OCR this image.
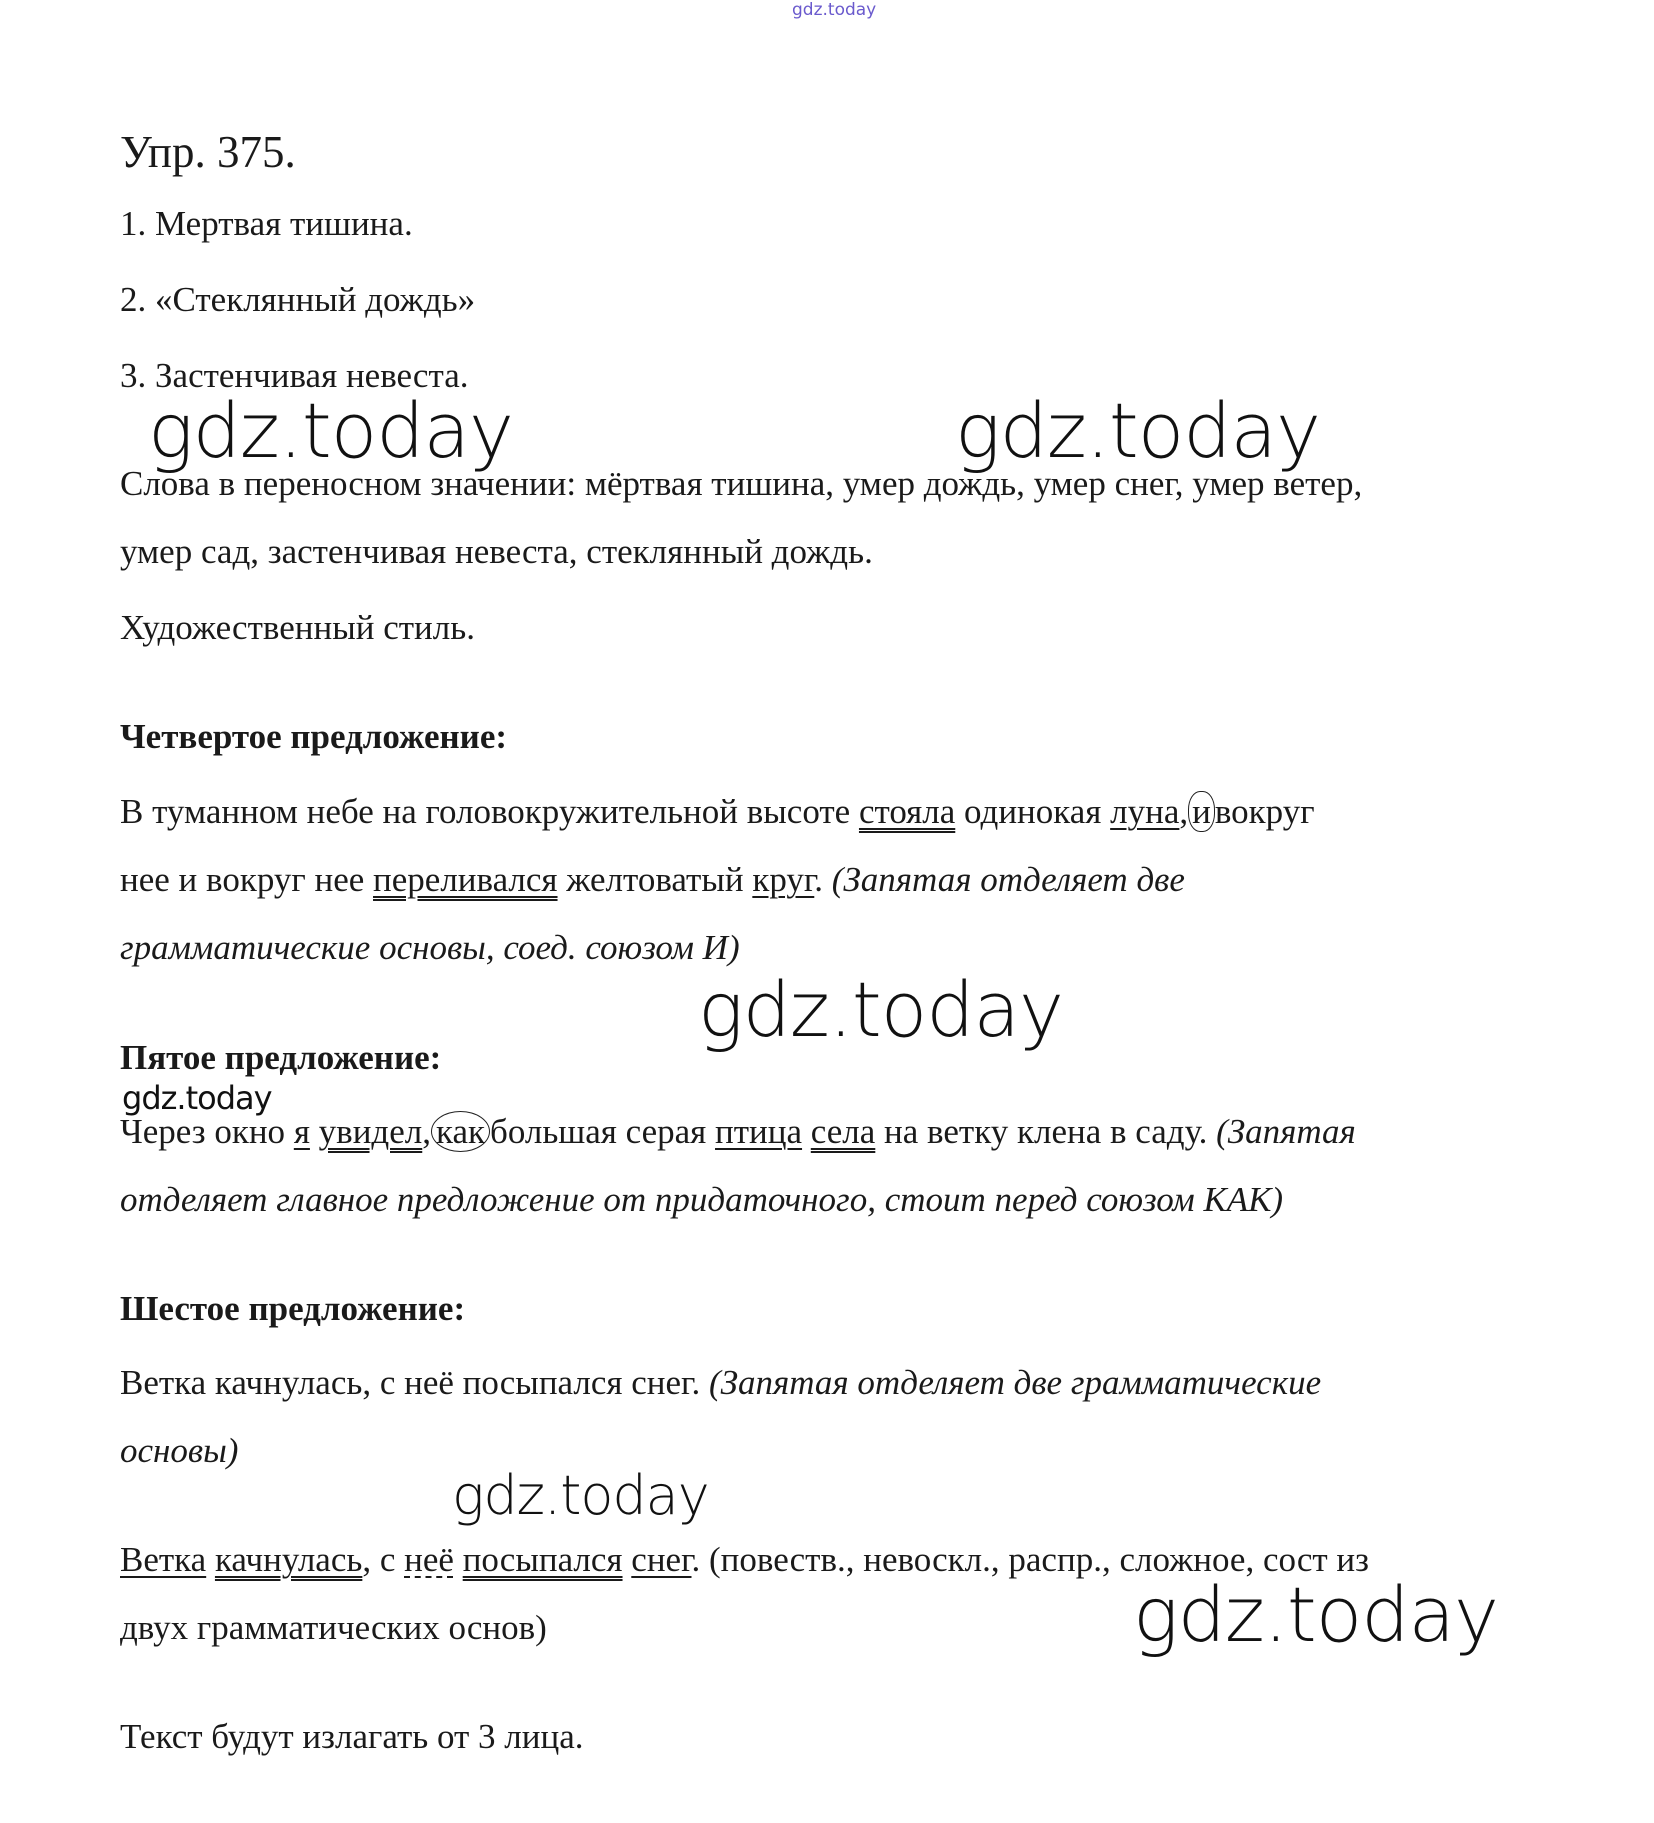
gdz.today
Упр. 375.
1. Мертвая тишина.
2. «Стеклянный дождь»
3. Застенчивая невеста.
Слова в переносном значении: мёртвая тишина, умер дождь, умер снег, умер ветер,
умер сад, застенчивая невеста, стеклянный дождь.
Художественный стиль.
Четвертое предложение:
В туманном небе на головокружительной высоте стояла одинокая луна, и вокруг
нее и вокруг нее переливался желтоватый круг. (Запятая отделяет две
грамматические основы, соед. союзом И)
Пятое предложение:
Через окно я увидел, как большая серая птица села на ветку клена в саду. (Запятая
отделяет главное предложение от придаточного, стоит перед союзом КАК)
Шестое предложение:
Ветка качнулась, с неё посыпался снег. (Запятая отделяет две грамматические
основы)
Ветка качнулась, с неё посыпался снег. (повеств., невоскл., распр., сложное, сост из
двух грамматических основ)
Текст будут излагать от 3 лица.
gdz.today	gdz.today
gdz.today
gdz.today
gdz.today
gdz.today
